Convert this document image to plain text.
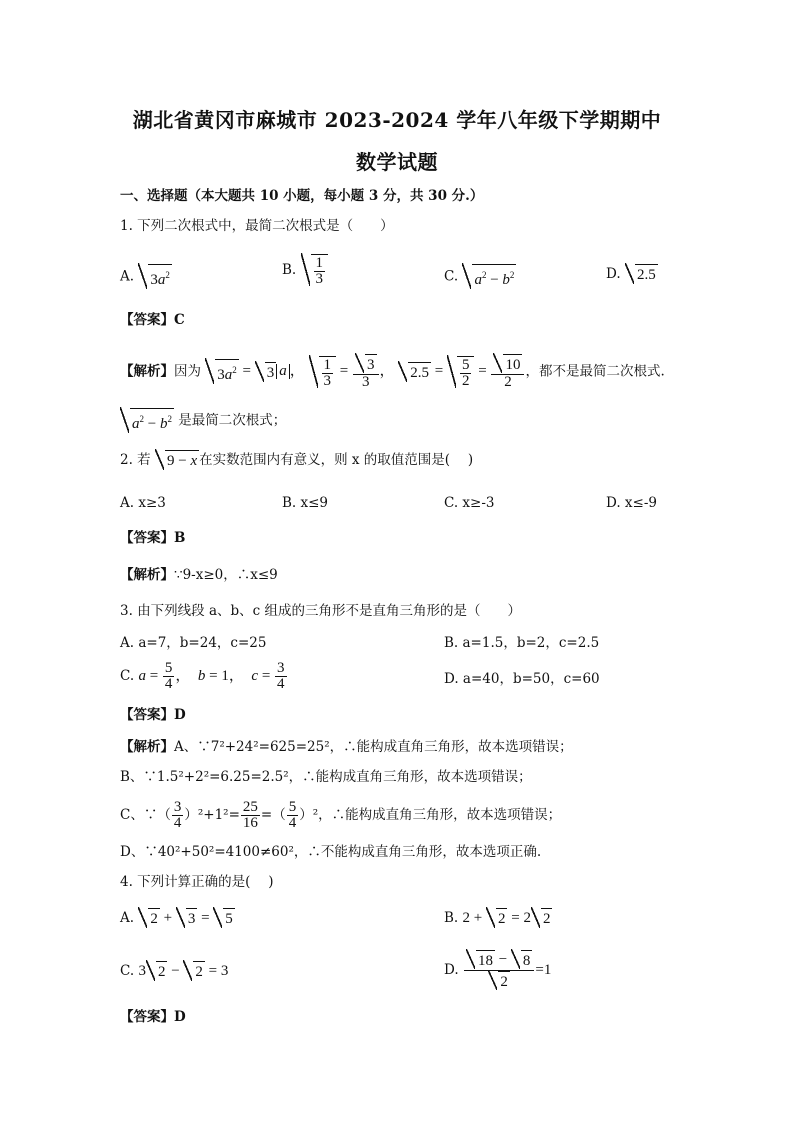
湖北省黄冈市麻城市 2023-2024 学年八年级下学期期中
数学试题
一、选择题（本大题共 10 小题，每小题 3 分，共 30 分.）
1. 下列二次根式中，最简二次根式是（　　）
A. $3a^2$	B. $\frac{1}{3}$	C. $a^2 - b^2$	D. 2.5
【答案】C
【解析】因为 $3a^2 = 3$ a ， $\frac{1}{3} = \frac{3}{3}$ ， $2.5 = \frac{5}{2} = \frac{10}{2}$ ，都不是最简二次根式.
$a^2 - b^2$ 是最简二次根式；
2. 若 9 − x 在实数范围内有意义，则 x 的取值范围是(　 )
A. x≥3	B. x≤9	C. x≥-3	D. x≤-9
【答案】B
【解析】∵9-x≥0，∴x≤9
3. 由下列线段 a、b、c 组成的三角形不是直角三角形的是（　　）
A. a=7，b=24，c=25	B. a=1.5，b=2，c=2.5
C. $a = \frac{5}{4}$ ，  b = 1，  $c = \frac{3}{4}$	D. a=40，b=50，c=60
【答案】D
【解析】A、∵7²+24²=625=25²，∴能构成直角三角形，故本选项错误；
B、∵1.5²+2²=6.25=2.5²，∴能构成直角三角形，故本选项错误；
C、∵（ $\frac{3}{4} )^2+1^2= \frac{25}{16}$ =（ $\frac{5}{4} )^2$，∴能构成直角三角形，故本选项错误；
D、∵40²+50²=4100≠60²，∴不能构成直角三角形，故本选项正确.
4. 下列计算正确的是(　 )
A. 2 + 3 = 5	B. 2 + 2 = 2 2
C. 3 2 − 2 = 3	D. $\frac{18 - 8}{2} =1$
【答案】D
